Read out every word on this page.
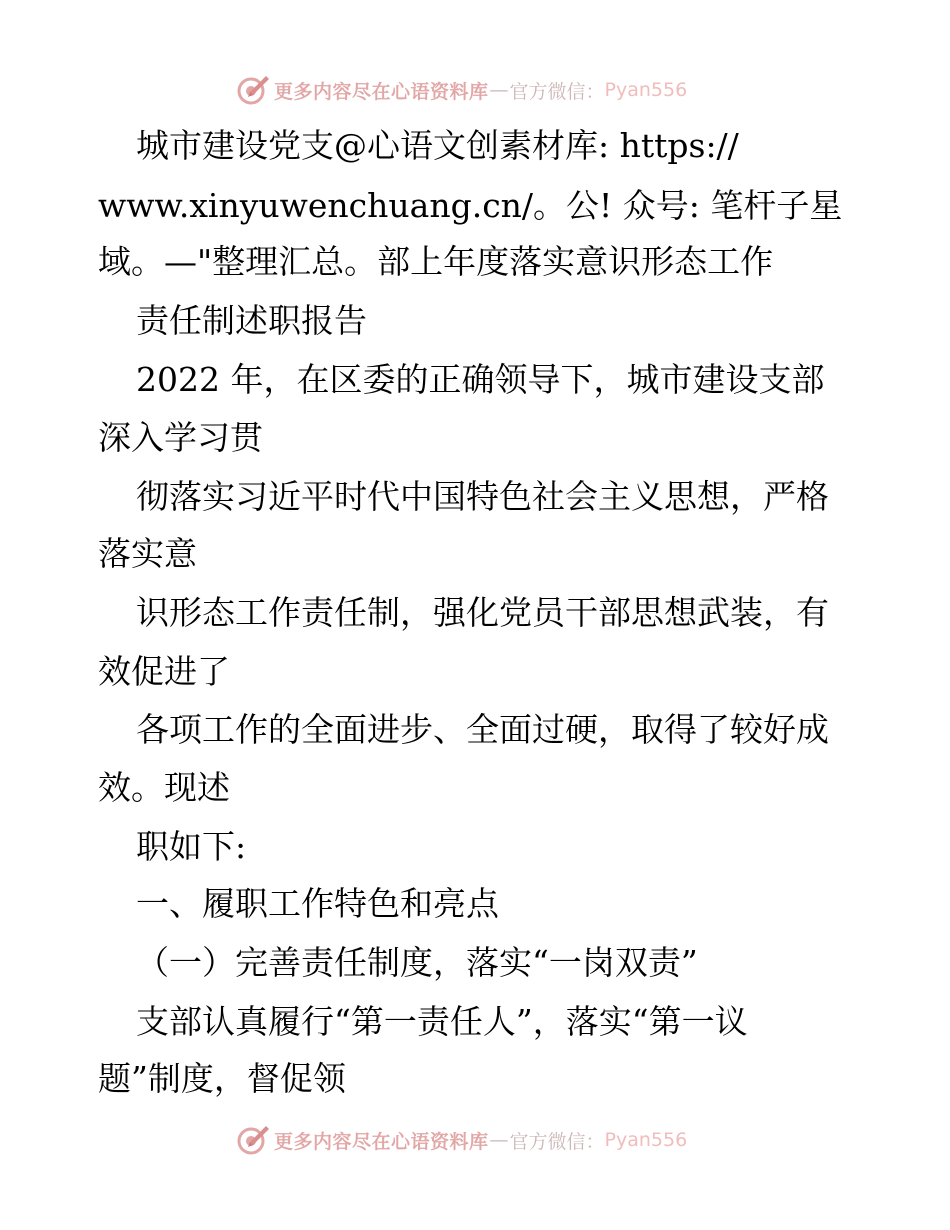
更多内容尽在心语资料库 — 官方微信： Pyan556
城市建设党支@心语文创素材库: https://
www.xinyuwenchuang.cn/。公! 众号: 笔杆子星
域。—"整理汇总。部上年度落实意识形态工作
责任制述职报告
2022 年，在区委的正确领导下，城市建设支部
深入学习贯
彻落实习近平时代中国特色社会主义思想，严格
落实意
识形态工作责任制，强化党员干部思想武装，有
效促进了
各项工作的全面进步、全面过硬，取得了较好成
效。现述
职如下:
一、履职工作特色和亮点
（一）完善责任制度，落实“一岗双责”
支部认真履行“第一责任人”，落实“第一议
题”制度，督促领
更多内容尽在心语资料库 — 官方微信： Pyan556
